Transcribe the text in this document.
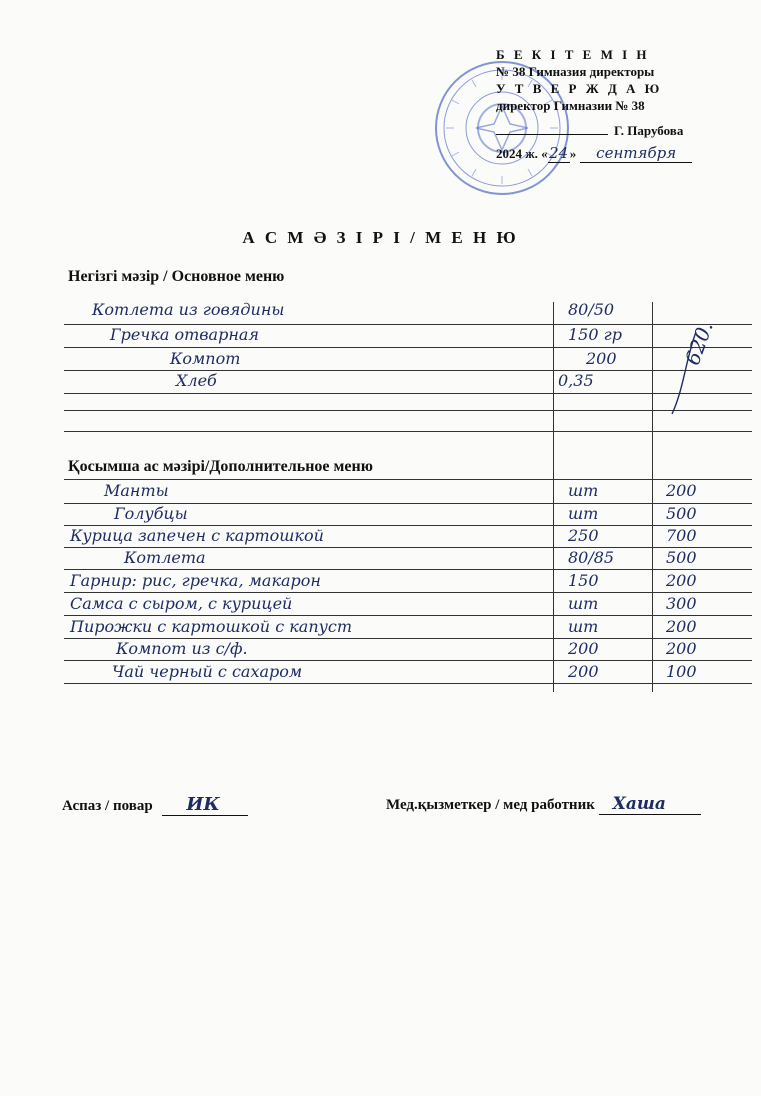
Б Е К І Т Е М І Н
№ 38 Гимназия директоры
У Т В Е Р Ж Д А Ю
директор Гимназии № 38
Г. Парубова
2024 ж. « 24 »	сентября
А С М Ә З І Р І / М Е Н Ю
Негізгі мәзір / Основное меню
Котлета из говядины	80/50
Гречка отварная	150 гр
Компот	200
Хлеб	0,35
620.
Қосымша ас мәзірі/Дополнительное меню
Манты	шт	200
Голубцы	шт	500
Курица запечен с картошкой	250	700
Котлета	80/85	500
Гарнир: рис, гречка, макарон	150	200
Самса с сыром, с курицей	шт	300
Пирожки с картошкой с капуст	шт	200
Компот из с/ф.	200	200
Чай черный с сахаром	200	100
Аспаз / повар ИК	Мед.қызметкер / мед работник Хаша
